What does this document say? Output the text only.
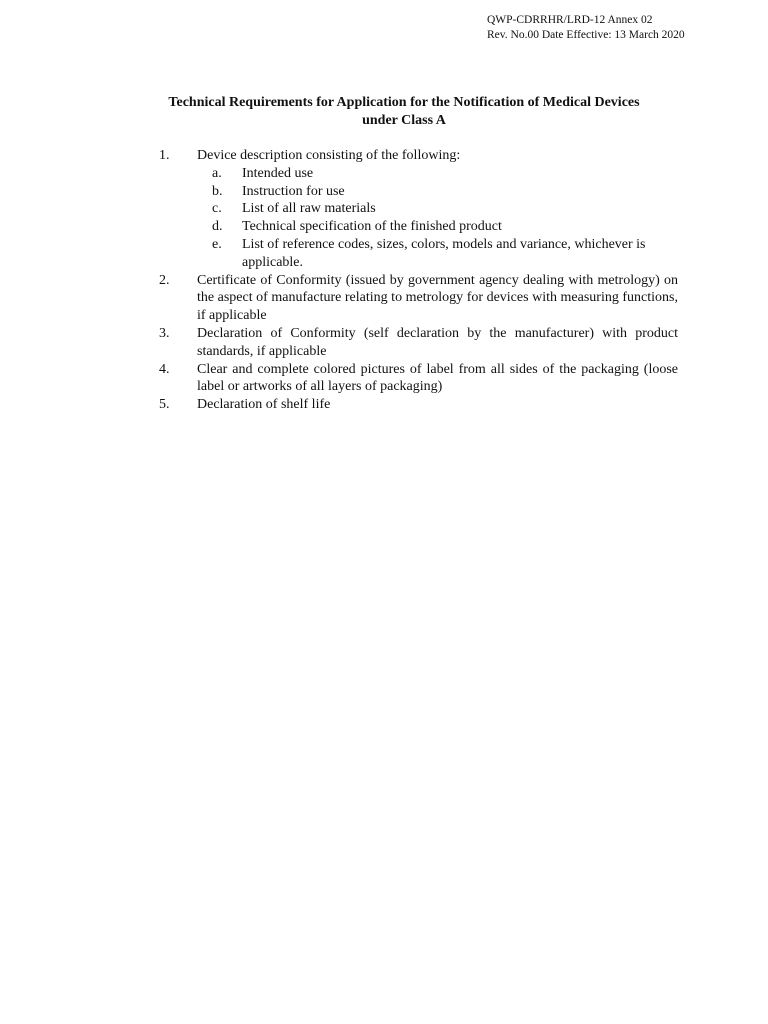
QWP-CDRRHR/LRD-12 Annex 02
Rev. No.00 Date Effective: 13 March 2020
Technical Requirements for Application for the Notification of Medical Devices
under Class A
1. Device description consisting of the following:
a. Intended use
b. Instruction for use
c. List of all raw materials
d. Technical specification of the finished product
e. List of reference codes, sizes, colors, models and variance, whichever is applicable.
2. Certificate of Conformity (issued by government agency dealing with metrology) on the aspect of manufacture relating to metrology for devices with measuring functions, if applicable
3. Declaration of Conformity (self declaration by the manufacturer) with product standards, if applicable
4. Clear and complete colored pictures of label from all sides of the packaging (loose label or artworks of all layers of packaging)
5. Declaration of shelf life
